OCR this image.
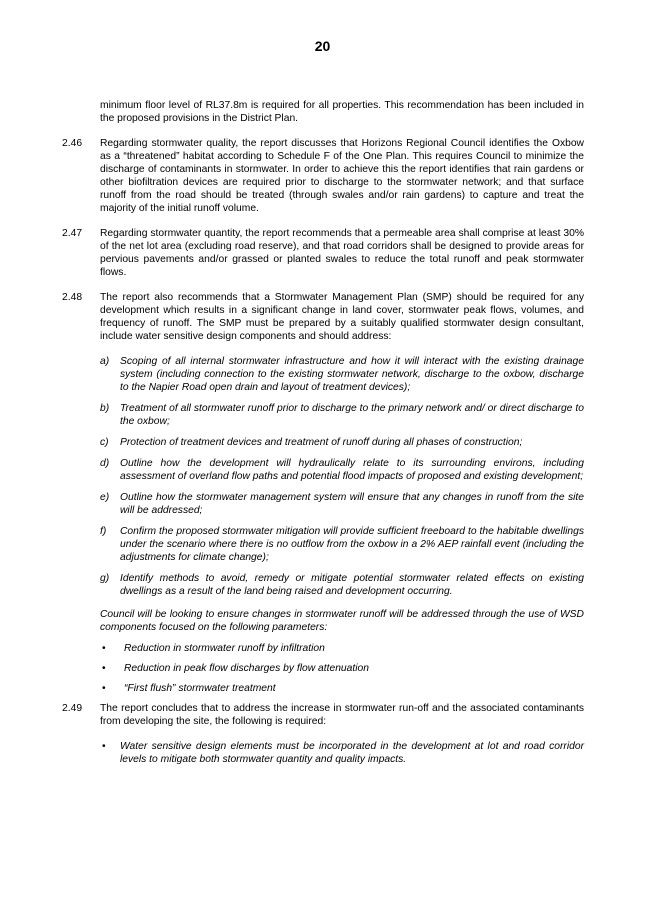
20
minimum floor level of RL37.8m is required for all properties. This recommendation has been included in the proposed provisions in the District Plan.
2.46 Regarding stormwater quality, the report discusses that Horizons Regional Council identifies the Oxbow as a “threatened” habitat according to Schedule F of the One Plan. This requires Council to minimize the discharge of contaminants in stormwater. In order to achieve this the report identifies that rain gardens or other biofiltration devices are required prior to discharge to the stormwater network; and that surface runoff from the road should be treated (through swales and/or rain gardens) to capture and treat the majority of the initial runoff volume.
2.47 Regarding stormwater quantity, the report recommends that a permeable area shall comprise at least 30% of the net lot area (excluding road reserve), and that road corridors shall be designed to provide areas for pervious pavements and/or grassed or planted swales to reduce the total runoff and peak stormwater flows.
2.48 The report also recommends that a Stormwater Management Plan (SMP) should be required for any development which results in a significant change in land cover, stormwater peak flows, volumes, and frequency of runoff. The SMP must be prepared by a suitably qualified stormwater design consultant, include water sensitive design components and should address:
a) Scoping of all internal stormwater infrastructure and how it will interact with the existing drainage system (including connection to the existing stormwater network, discharge to the oxbow, discharge to the Napier Road open drain and layout of treatment devices);
b) Treatment of all stormwater runoff prior to discharge to the primary network and/ or direct discharge to the oxbow;
c) Protection of treatment devices and treatment of runoff during all phases of construction;
d) Outline how the development will hydraulically relate to its surrounding environs, including assessment of overland flow paths and potential flood impacts of proposed and existing development;
e) Outline how the stormwater management system will ensure that any changes in runoff from the site will be addressed;
f) Confirm the proposed stormwater mitigation will provide sufficient freeboard to the habitable dwellings under the scenario where there is no outflow from the oxbow in a 2% AEP rainfall event (including the adjustments for climate change);
g) Identify methods to avoid, remedy or mitigate potential stormwater related effects on existing dwellings as a result of the land being raised and development occurring.
Council will be looking to ensure changes in stormwater runoff will be addressed through the use of WSD components focused on the following parameters:
• Reduction in stormwater runoff by infiltration
• Reduction in peak flow discharges by flow attenuation
• “First flush” stormwater treatment
2.49 The report concludes that to address the increase in stormwater run-off and the associated contaminants from developing the site, the following is required:
• Water sensitive design elements must be incorporated in the development at lot and road corridor levels to mitigate both stormwater quantity and quality impacts.
